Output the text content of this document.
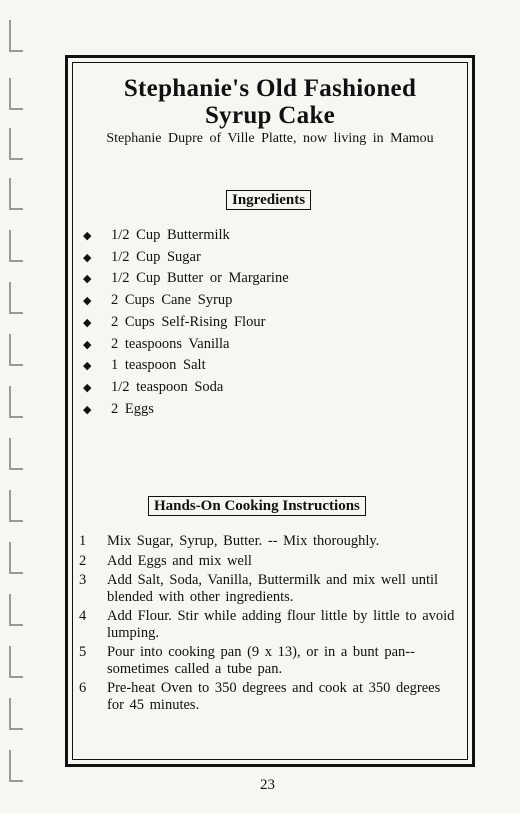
Stephanie's Old Fashioned
Syrup Cake
Stephanie Dupre of Ville Platte, now living in Mamou
Ingredients
◆ 1/2 Cup Buttermilk
◆ 1/2 Cup Sugar
◆ 1/2 Cup Butter or Margarine
◆ 2 Cups Cane Syrup
◆ 2 Cups Self-Rising Flour
◆ 2 teaspoons Vanilla
◆ 1 teaspoon Salt
◆ 1/2 teaspoon Soda
◆ 2 Eggs
Hands-On Cooking Instructions
1	Mix Sugar, Syrup, Butter. -- Mix thoroughly.
2	Add Eggs and mix well
3	Add Salt, Soda, Vanilla, Buttermilk and mix well until blended with other ingredients.
4	Add Flour. Stir while adding flour little by little to avoid lumping.
5	Pour into cooking pan (9 x 13), or in a bunt pan--sometimes called a tube pan.
6	Pre-heat Oven to 350 degrees and cook at 350 degrees for 45 minutes.
23
